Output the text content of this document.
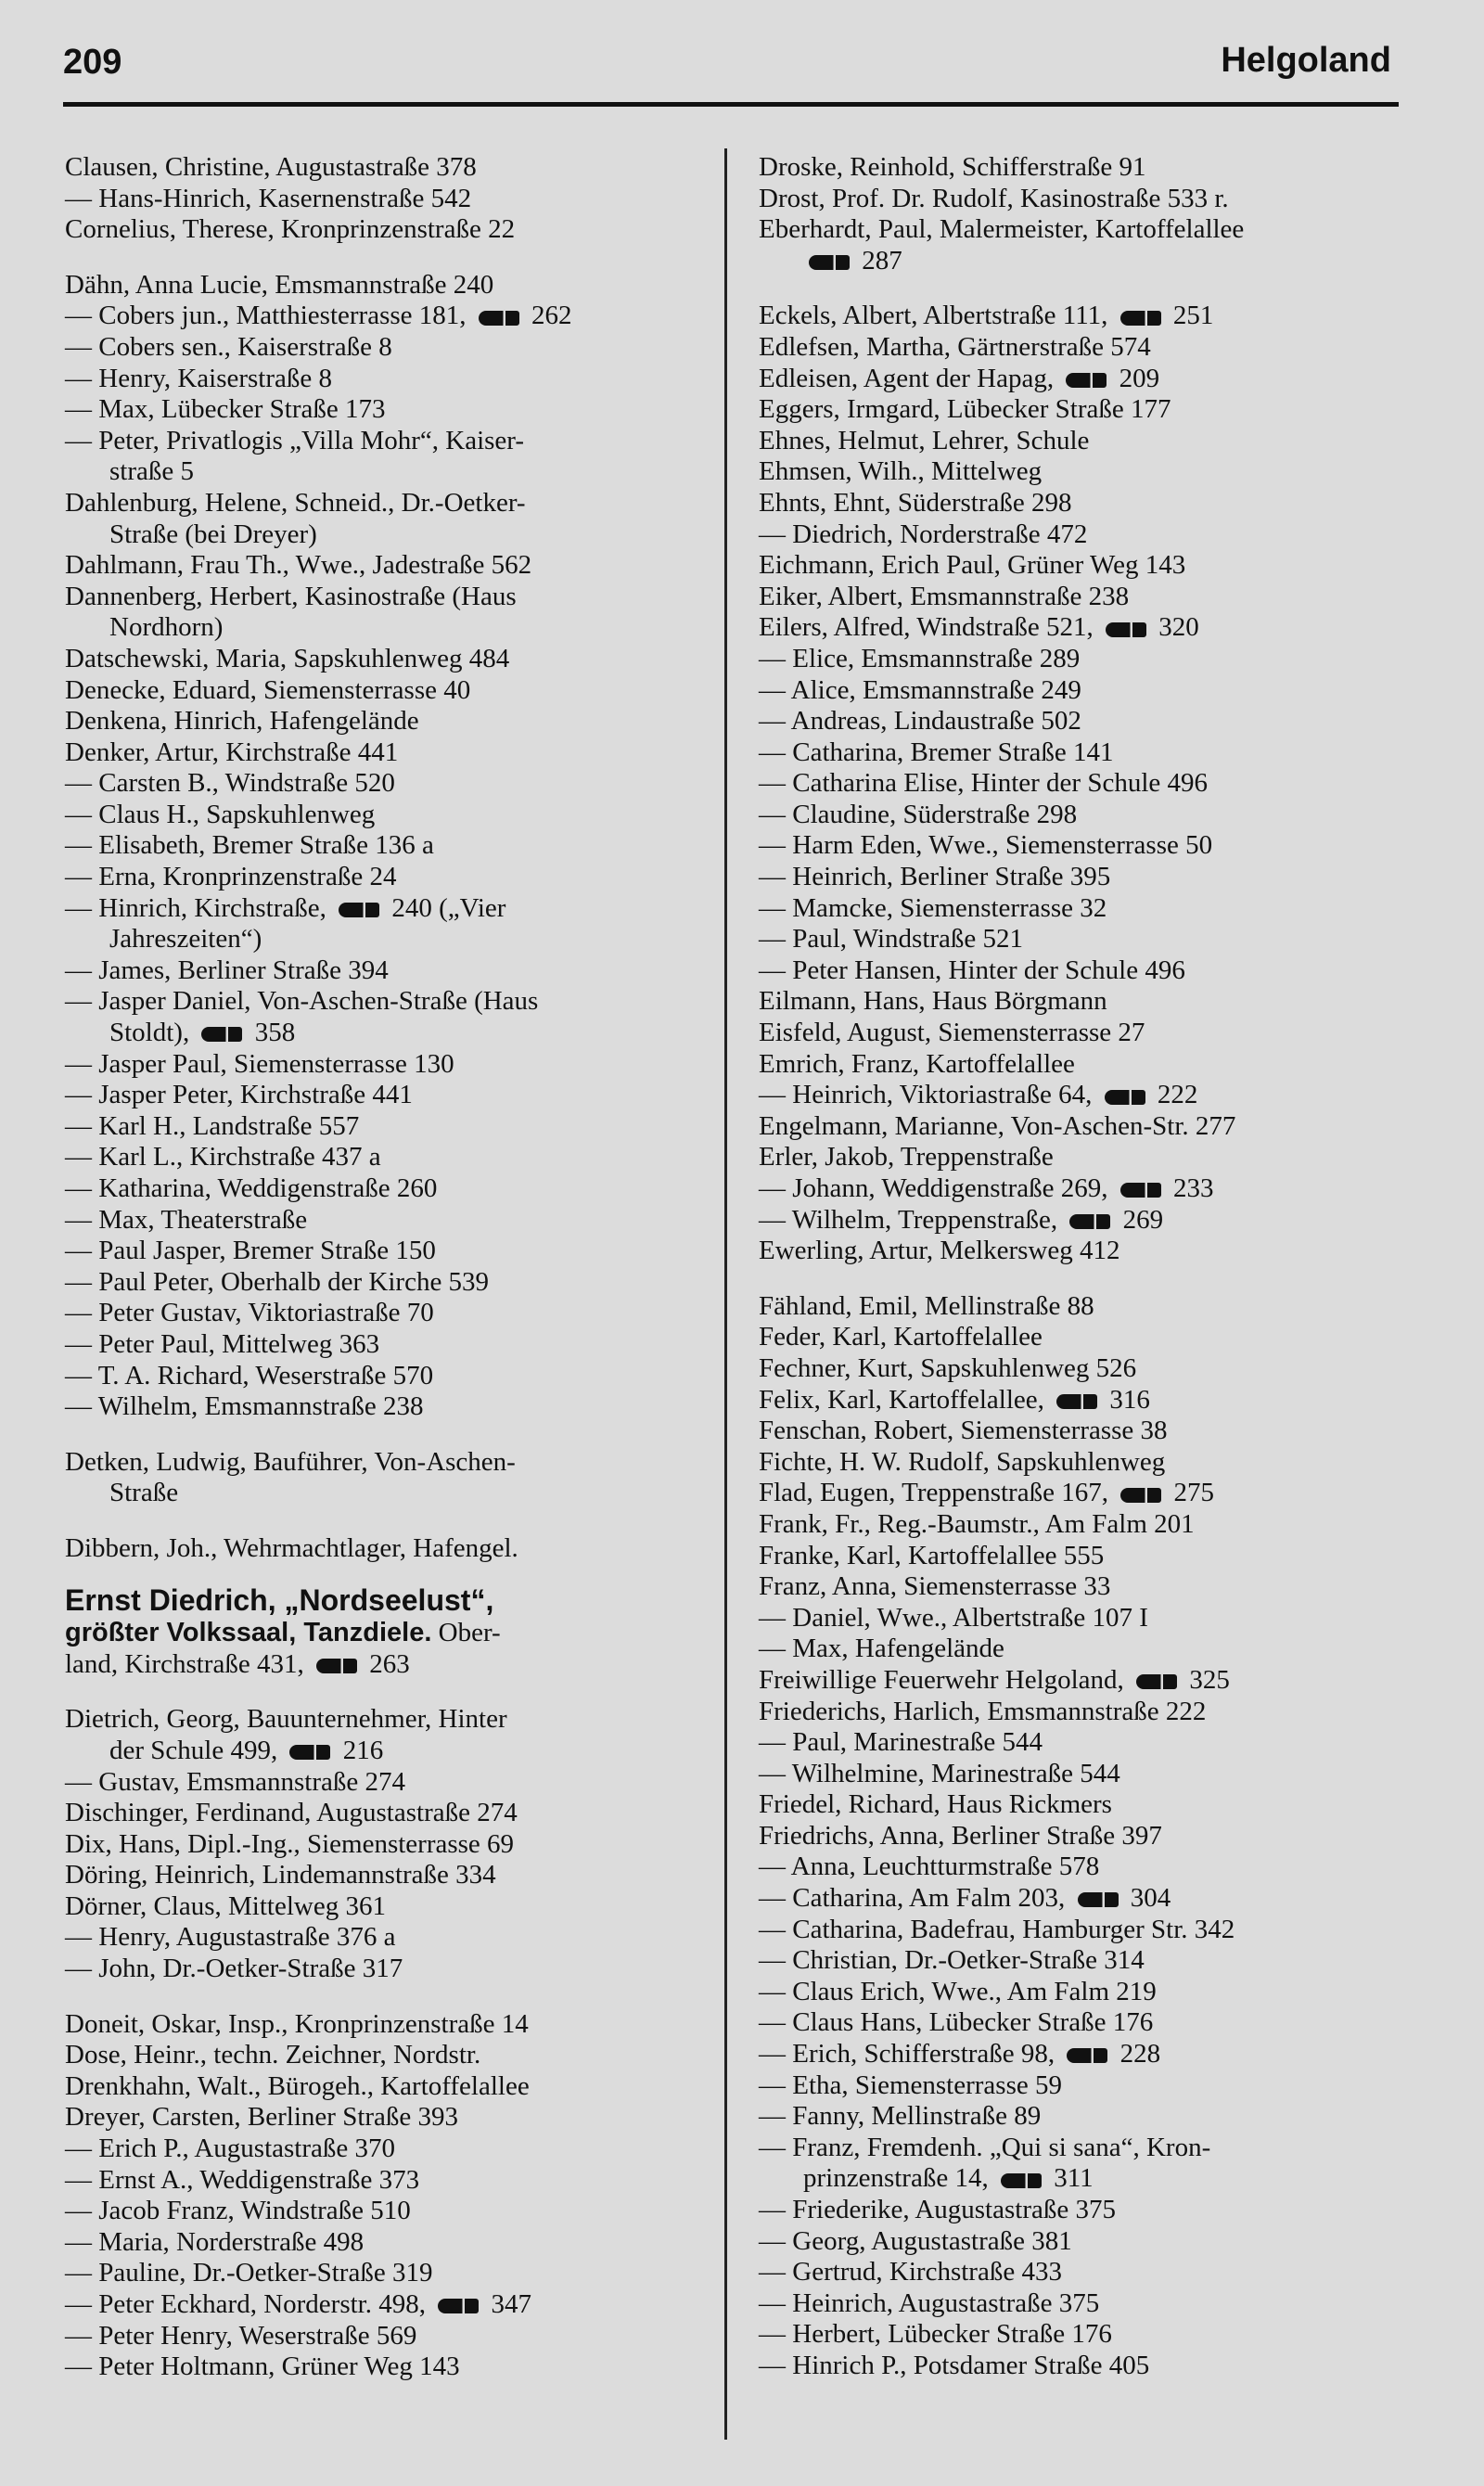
209	Helgoland

Clausen, Christine, Augustastraße 378

— Hans-Hinrich, Kasernenstraße 542

Cornelius, Therese, Kronprinzenstraße 22

Dähn, Anna Lucie, Emsmannstraße 240

— Cobers jun., Matthiesterrasse 181,  262

— Cobers sen., Kaiserstraße 8

— Henry, Kaiserstraße 8

— Max, Lübecker Straße 173

— Peter, Privatlogis „Villa Mohr“, Kaiser-

straße 5

Dahlenburg, Helene, Schneid., Dr.-Oetker-

Straße (bei Dreyer)

Dahlmann, Frau Th., Wwe., Jadestraße 562

Dannenberg, Herbert, Kasinostraße (Haus

Nordhorn)

Datschewski, Maria, Sapskuhlenweg 484

Denecke, Eduard, Siemensterrasse 40

Denkena, Hinrich, Hafengelände

Denker, Artur, Kirchstraße 441

— Carsten B., Windstraße 520

— Claus H., Sapskuhlenweg

— Elisabeth, Bremer Straße 136 a

— Erna, Kronprinzenstraße 24

— Hinrich, Kirchstraße,  240 („Vier

Jahreszeiten“)

— James, Berliner Straße 394

— Jasper Daniel, Von-Aschen-Straße (Haus

Stoldt),  358

— Jasper Paul, Siemensterrasse 130

— Jasper Peter, Kirchstraße 441

— Karl H., Landstraße 557

— Karl L., Kirchstraße 437 a

— Katharina, Weddigenstraße 260

— Max, Theaterstraße

— Paul Jasper, Bremer Straße 150

— Paul Peter, Oberhalb der Kirche 539

— Peter Gustav, Viktoriastraße 70

— Peter Paul, Mittelweg 363

— T. A. Richard, Weserstraße 570

— Wilhelm, Emsmannstraße 238

Detken, Ludwig, Bauführer, Von-Aschen-

Straße

Dibbern, Joh., Wehrmachtlager, Hafengel.

Ernst Diedrich, „Nordseelust“,
größter Volkssaal, Tanzdiele. Ober-
land, Kirchstraße 431,  263

Dietrich, Georg, Bauunternehmer, Hinter

der Schule 499,  216

— Gustav, Emsmannstraße 274

Dischinger, Ferdinand, Augustastraße 274

Dix, Hans, Dipl.-Ing., Siemensterrasse 69

Döring, Heinrich, Lindemannstraße 334

Dörner, Claus, Mittelweg 361

— Henry, Augustastraße 376 a

— John, Dr.-Oetker-Straße 317

Doneit, Oskar, Insp., Kronprinzenstraße 14

Dose, Heinr., techn. Zeichner, Nordstr.

Drenkhahn, Walt., Bürogeh., Kartoffelallee

Dreyer, Carsten, Berliner Straße 393

— Erich P., Augustastraße 370

— Ernst A., Weddigenstraße 373

— Jacob Franz, Windstraße 510

— Maria, Norderstraße 498

— Pauline, Dr.-Oetker-Straße 319

— Peter Eckhard, Norderstr. 498,  347

— Peter Henry, Weserstraße 569

— Peter Holtmann, Grüner Weg 143

Droske, Reinhold, Schifferstraße 91

Drost, Prof. Dr. Rudolf, Kasinostraße 533 r.

Eberhardt, Paul, Malermeister, Kartoffelallee

287

Eckels, Albert, Albertstraße 111,  251

Edlefsen, Martha, Gärtnerstraße 574

Edleisen, Agent der Hapag,  209

Eggers, Irmgard, Lübecker Straße 177

Ehnes, Helmut, Lehrer, Schule

Ehmsen, Wilh., Mittelweg

Ehnts, Ehnt, Süderstraße 298

— Diedrich, Norderstraße 472

Eichmann, Erich Paul, Grüner Weg 143

Eiker, Albert, Emsmannstraße 238

Eilers, Alfred, Windstraße 521,  320

— Elice, Emsmannstraße 289

— Alice, Emsmannstraße 249

— Andreas, Lindaustraße 502

— Catharina, Bremer Straße 141

— Catharina Elise, Hinter der Schule 496

— Claudine, Süderstraße 298

— Harm Eden, Wwe., Siemensterrasse 50

— Heinrich, Berliner Straße 395

— Mamcke, Siemensterrasse 32

— Paul, Windstraße 521

— Peter Hansen, Hinter der Schule 496

Eilmann, Hans, Haus Börgmann

Eisfeld, August, Siemensterrasse 27

Emrich, Franz, Kartoffelallee

— Heinrich, Viktoriastraße 64,  222

Engelmann, Marianne, Von-Aschen-Str. 277

Erler, Jakob, Treppenstraße

— Johann, Weddigenstraße 269,  233

— Wilhelm, Treppenstraße,  269

Ewerling, Artur, Melkersweg 412

Fähland, Emil, Mellinstraße 88

Feder, Karl, Kartoffelallee

Fechner, Kurt, Sapskuhlenweg 526

Felix, Karl, Kartoffelallee,  316

Fenschan, Robert, Siemensterrasse 38

Fichte, H. W. Rudolf, Sapskuhlenweg

Flad, Eugen, Treppenstraße 167,  275

Frank, Fr., Reg.-Baumstr., Am Falm 201

Franke, Karl, Kartoffelallee 555

Franz, Anna, Siemensterrasse 33

— Daniel, Wwe., Albertstraße 107 I

— Max, Hafengelände

Freiwillige Feuerwehr Helgoland,  325

Friederichs, Harlich, Emsmannstraße 222

— Paul, Marinestraße 544

— Wilhelmine, Marinestraße 544

Friedel, Richard, Haus Rickmers

Friedrichs, Anna, Berliner Straße 397

— Anna, Leuchtturmstraße 578

— Catharina, Am Falm 203,  304

— Catharina, Badefrau, Hamburger Str. 342

— Christian, Dr.-Oetker-Straße 314

— Claus Erich, Wwe., Am Falm 219

— Claus Hans, Lübecker Straße 176

— Erich, Schifferstraße 98,  228

— Etha, Siemensterrasse 59

— Fanny, Mellinstraße 89

— Franz, Fremdenh. „Qui si sana“, Kron-

prinzenstraße 14,  311

— Friederike, Augustastraße 375

— Georg, Augustastraße 381

— Gertrud, Kirchstraße 433

— Heinrich, Augustastraße 375

— Herbert, Lübecker Straße 176

— Hinrich P., Potsdamer Straße 405
